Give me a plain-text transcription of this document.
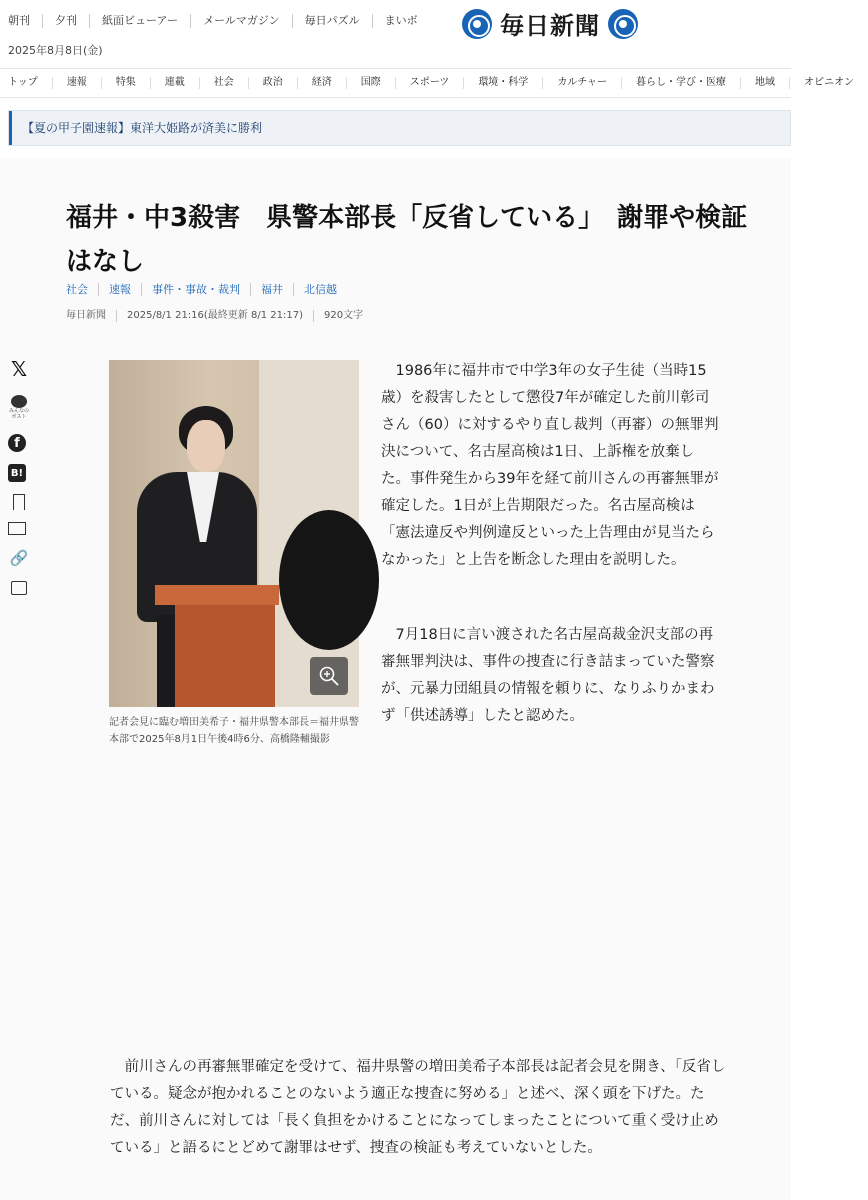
朝刊	夕刊	紙面ビューアー	メールマガジン	毎日パズル	まいボ
2025年8月8日(金)
毎日新聞
トップ	速報	特集	連載	社会	政治	経済	国際	スポーツ	環境・科学	カルチャー	暮らし・学び・医療	地域	オピニオン
【夏の甲子園速報】東洋大姫路が済美に勝利
福井・中3殺害　県警本部長「反省している」　謝罪や検証はなし
社会	速報	事件・事故・裁判	福井	北信越
毎日新聞	2025/8/1 21:16(最終更新 8/1 21:17)	920文字
𝕏
みんなのポスト
f
B!
🔗
記者会見に臨む増田美希子・福井県警本部長＝福井県警本部で2025年8月1日午後4時6分、高橋隆輔撮影

　1986年に福井市で中学3年の女子生徒（当時15歳）を殺害したとして懲役7年が確定した前川彰司さん（60）に対するやり直し裁判（再審）の無罪判決について、名古屋高検は1日、上訴権を放棄した。事件発生から39年を経て前川さんの再審無罪が確定した。1日が上告期限だった。名古屋高検は「憲法違反や判例違反といった上告理由が見当たらなかった」と上告を断念した理由を説明した。

　7月18日に言い渡された名古屋高裁金沢支部の再審無罪判決は、事件の捜査に行き詰まっていた警察が、元暴力団組員の情報を頼りに、なりふりかまわず「供述誘導」したと認めた。

　前川さんの再審無罪確定を受けて、福井県警の増田美希子本部長は記者会見を開き、「反省している。疑念が抱かれることのないよう適正な捜査に努める」と述べ、深く頭を下げた。ただ、前川さんに対しては「長く負担をかけることになってしまったことについて重く受け止めている」と語るにとどめて謝罪はせず、捜査の検証も考えていないとした。
